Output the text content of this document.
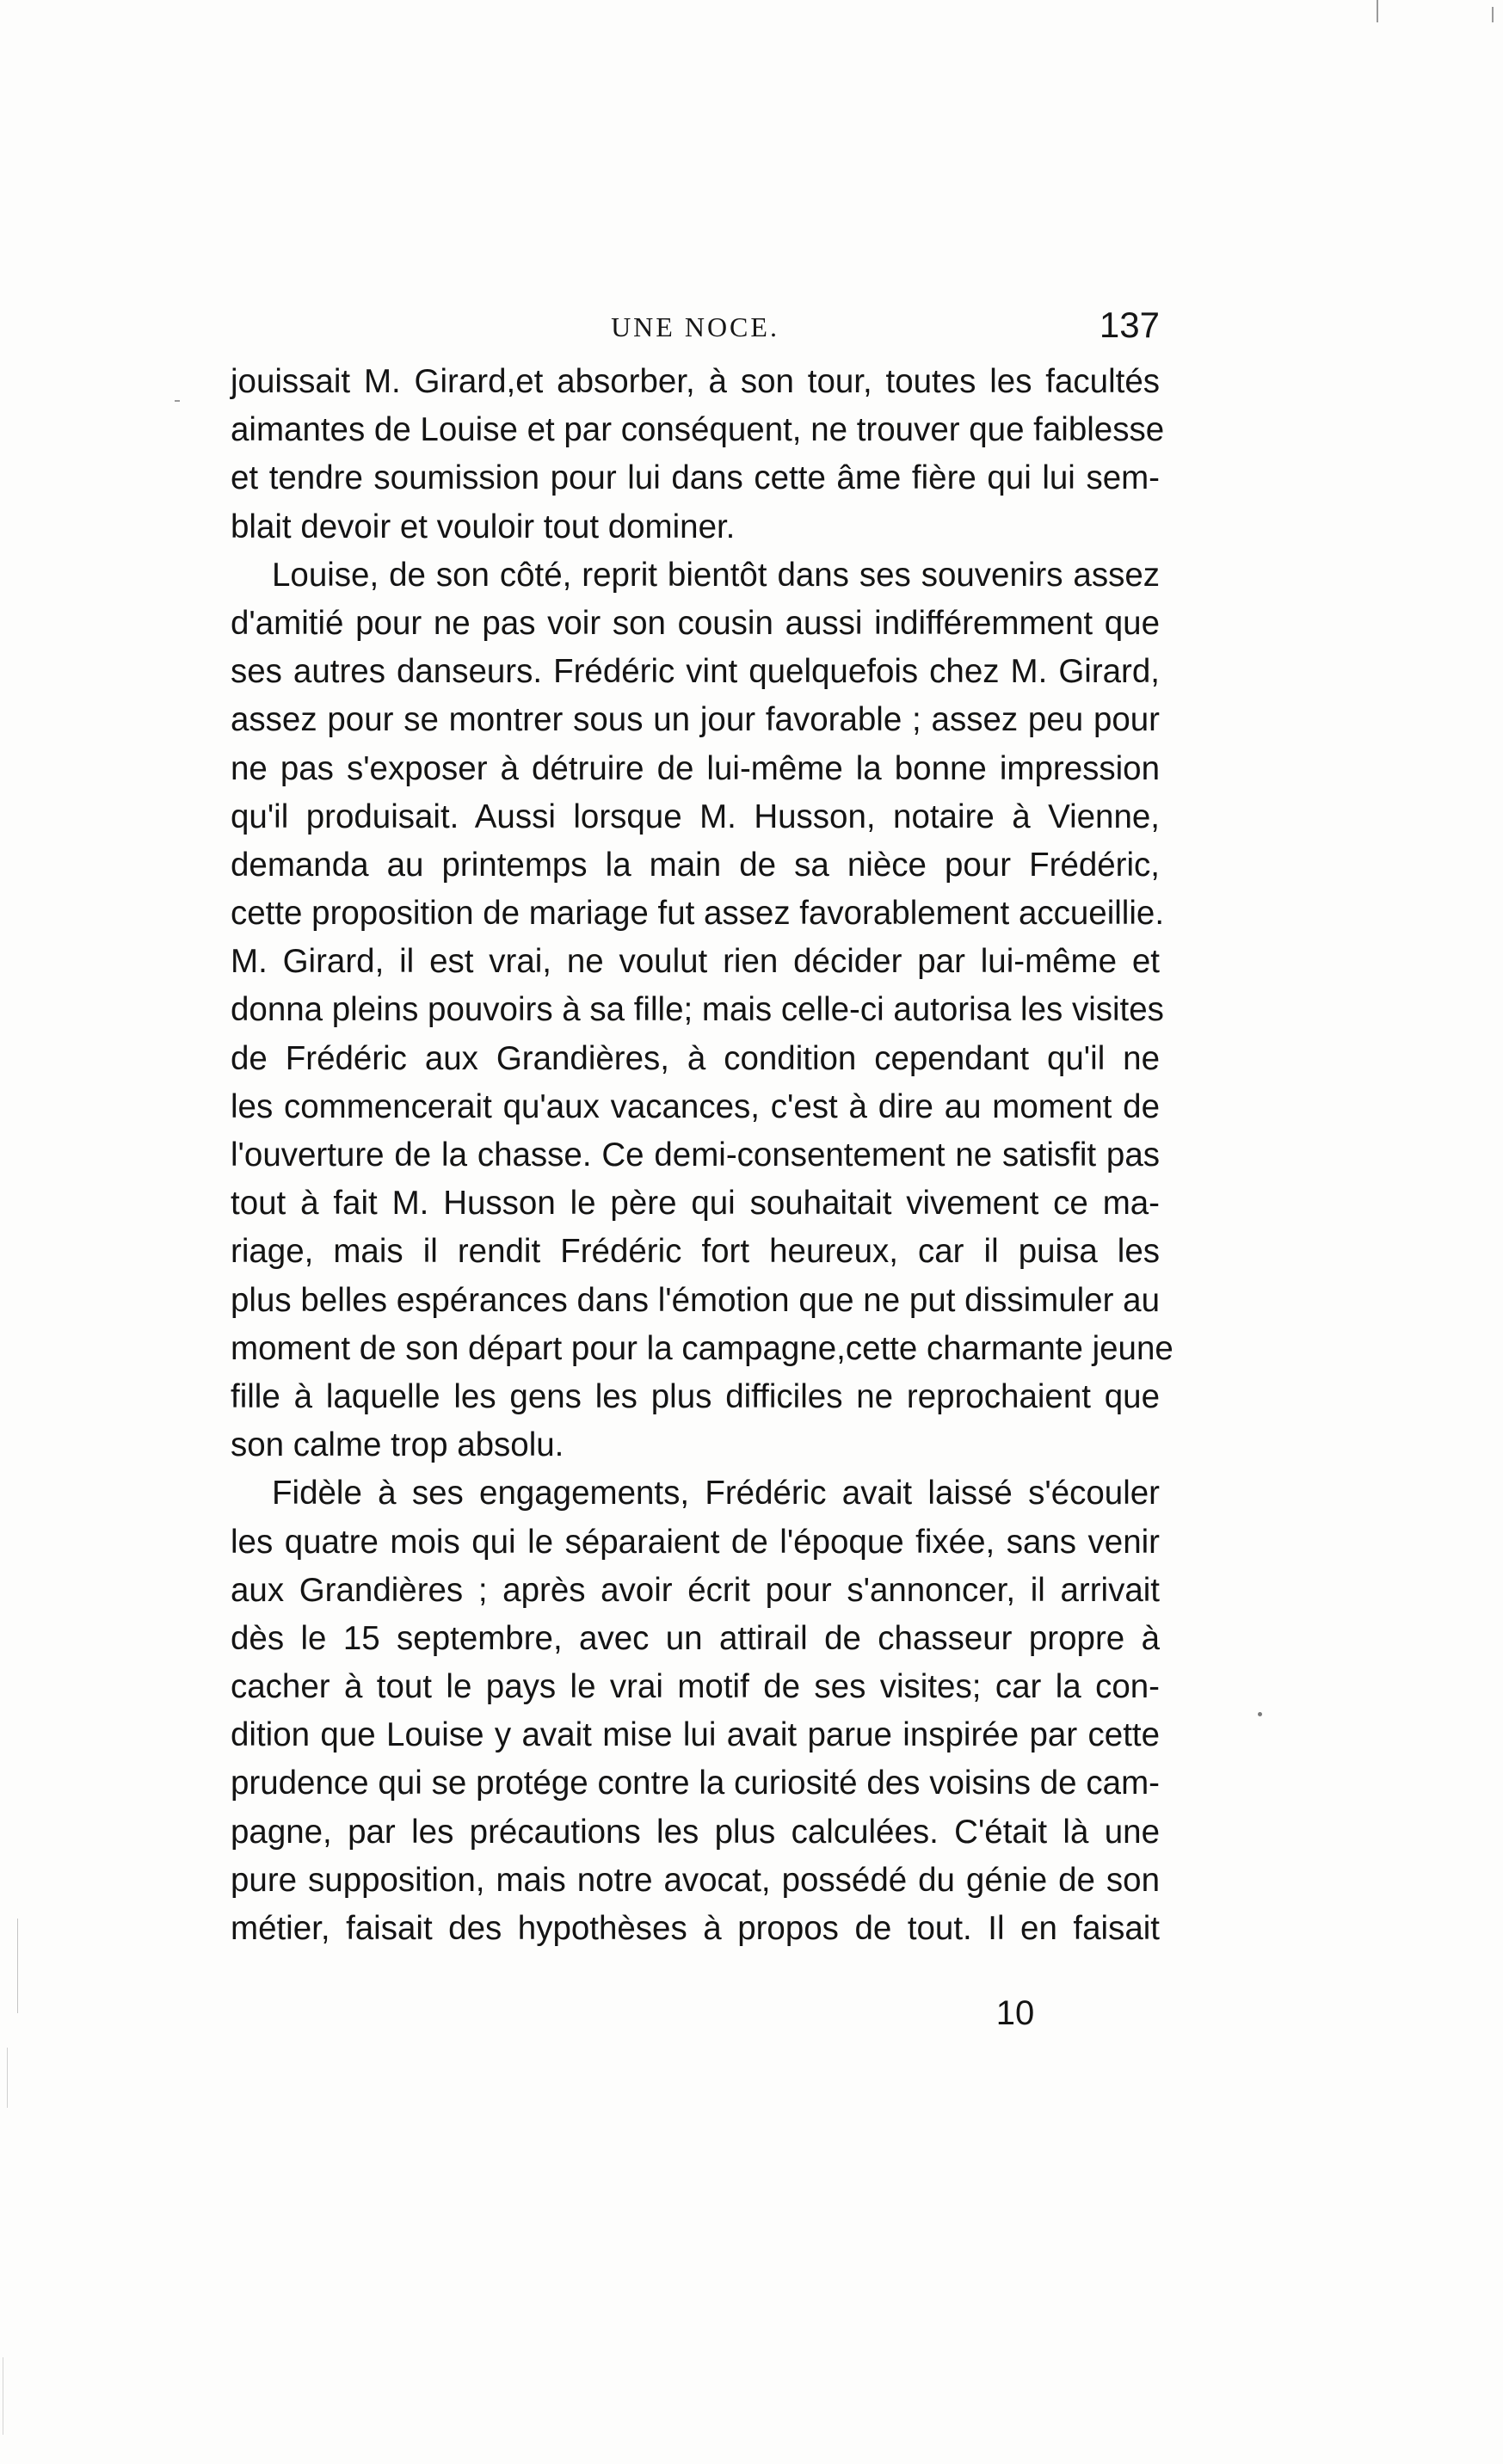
UNE NOCE.	137
jouissait M. Girard,et absorber, à son tour, toutes les facultés
aimantes de Louise et par conséquent, ne trouver que faiblesse
et tendre soumission pour lui dans cette âme fière qui lui sem-
blait devoir et vouloir tout dominer.
Louise, de son côté, reprit bientôt dans ses souvenirs assez
d'amitié pour ne pas voir son cousin aussi indifféremment que
ses autres danseurs. Frédéric vint quelquefois chez M. Girard,
assez pour se montrer sous un jour favorable ; assez peu pour
ne pas s'exposer à détruire de lui-même la bonne impression
qu'il produisait. Aussi lorsque M. Husson, notaire à Vienne,
demanda au printemps la main de sa nièce pour Frédéric,
cette proposition de mariage fut assez favorablement accueillie.
M. Girard, il est vrai, ne voulut rien décider par lui-même et
donna pleins pouvoirs à sa fille; mais celle-ci autorisa les visites
de Frédéric aux Grandières, à condition cependant qu'il ne
les commencerait qu'aux vacances, c'est à dire au moment de
l'ouverture de la chasse. Ce demi-consentement ne satisfit pas
tout à fait M. Husson le père qui souhaitait vivement ce ma-
riage, mais il rendit Frédéric fort heureux, car il puisa les
plus belles espérances dans l'émotion que ne put dissimuler au
moment de son départ pour la campagne,cette charmante jeune
fille à laquelle les gens les plus difficiles ne reprochaient que
son calme trop absolu.
Fidèle à ses engagements, Frédéric avait laissé s'écouler
les quatre mois qui le séparaient de l'époque fixée, sans venir
aux Grandières ; après avoir écrit pour s'annoncer, il arrivait
dès le 15 septembre, avec un attirail de chasseur propre à
cacher à tout le pays le vrai motif de ses visites; car la con-
dition que Louise y avait mise lui avait parue inspirée par cette
prudence qui se protége contre la curiosité des voisins de cam-
pagne, par les précautions les plus calculées. C'était là une
pure supposition, mais notre avocat, possédé du génie de son
métier, faisait des hypothèses à propos de tout. Il en faisait
10
